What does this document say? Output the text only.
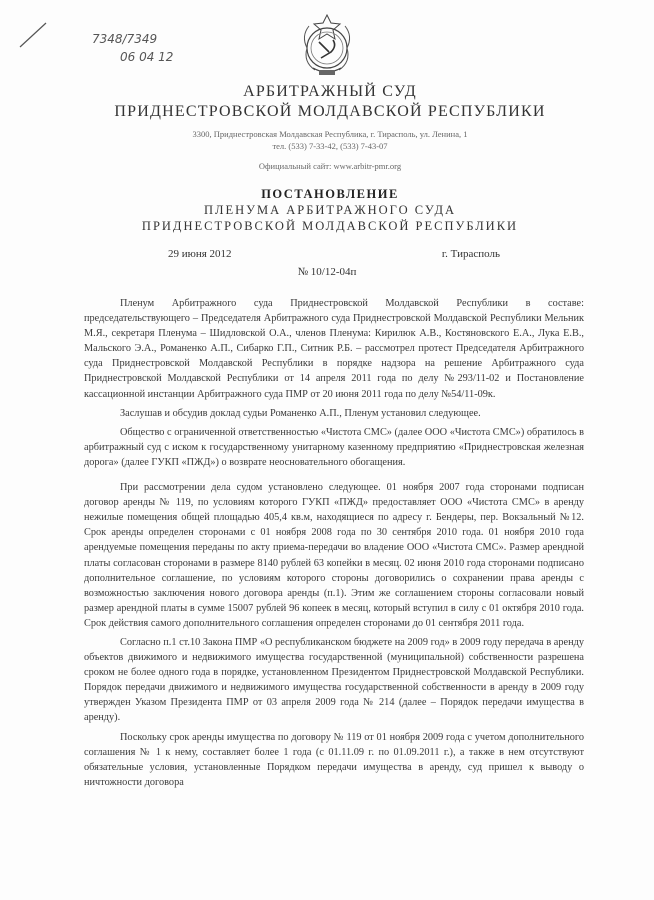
7348/7349
06 04 12
АРБИТРАЖНЫЙ СУД
ПРИДНЕСТРОВСКОЙ МОЛДАВСКОЙ РЕСПУБЛИКИ
3300, Приднестровская Молдавская Республика, г. Тирасполь, ул. Ленина, 1
тел. (533) 7-33-42, (533) 7-43-07
Официальный сайт: www.arbitr-pmr.org
ПОСТАНОВЛЕНИЕ
ПЛЕНУМА АРБИТРАЖНОГО СУДА
ПРИДНЕСТРОВСКОЙ МОЛДАВСКОЙ РЕСПУБЛИКИ
29 июня 2012	г. Тирасполь
№ 10/12-04п

Пленум Арбитражного суда Приднестровской Молдавской Республики в составе: председательствующего – Председателя Арбитражного суда Приднестровской Молдавской Республики Мельник М.Я., секретаря Пленума – Шидловской О.А., членов Пленума: Кирилюк А.В., Костяновского Е.А., Лука Е.В., Мальского Э.А., Романенко А.П., Сибарко Г.П., Ситник Р.Б. – рассмотрел протест Председателя Арбитражного суда Приднестровской Молдавской Республики в порядке надзора на решение Арбитражного суда Приднестровской Молдавской Республики от 14 апреля 2011 года по делу №293/11-02 и Постановление кассационной инстанции Арбитражного суда ПМР от 20 июня 2011 года по делу №54/11-09к.

Заслушав и обсудив доклад судьи Романенко А.П., Пленум установил следующее.

Общество с ограниченной ответственностью «Чистота СМС» (далее ООО «Чистота СМС») обратилось в арбитражный суд с иском к государственному унитарному казенному предприятию «Приднестровская железная дорога» (далее ГУКП «ПЖД») о возврате неосновательного обогащения.

При рассмотрении дела судом установлено следующее. 01 ноября 2007 года сторонами подписан договор аренды № 119, по условиям которого ГУКП «ПЖД» предоставляет ООО «Чистота СМС» в аренду нежилые помещения общей площадью 405,4 кв.м, находящиеся по адресу г. Бендеры, пер. Вокзальный №12. Срок аренды определен сторонами с 01 ноября 2008 года по 30 сентября 2010 года. 01 ноября 2010 года арендуемые помещения переданы по акту приема-передачи во владение ООО «Чистота СМС». Размер арендной платы согласован сторонами в размере 8140 рублей 63 копейки в месяц. 02 июня 2010 года сторонами подписано дополнительное соглашение, по условиям которого стороны договорились о сохранении права аренды с возможностью заключения нового договора аренды (п.1). Этим же соглашением стороны согласовали новый размер арендной платы в сумме 15007 рублей 96 копеек в месяц, который вступил в силу с 01 октября 2010 года. Срок действия самого дополнительного соглашения определен сторонами до 01 сентября 2011 года.

Согласно п.1 ст.10 Закона ПМР «О республиканском бюджете на 2009 год» в 2009 году передача в аренду объектов движимого и недвижимого имущества государственной (муниципальной) собственности разрешена сроком не более одного года в порядке, установленном Президентом Приднестровской Молдавской Республики. Порядок передачи движимого и недвижимого имущества государственной собственности в аренду в 2009 году утвержден Указом Президента ПМР от 03 апреля 2009 года № 214 (далее – Порядок передачи имущества в аренду).

Поскольку срок аренды имущества по договору № 119 от 01 ноября 2009 года с учетом дополнительного соглашения № 1 к нему, составляет более 1 года (с 01.11.09 г. по 01.09.2011 г.), а также в нем отсутствуют обязательные условия, установленные Порядком передачи имущества в аренду, суд пришел к выводу о ничтожности договора
